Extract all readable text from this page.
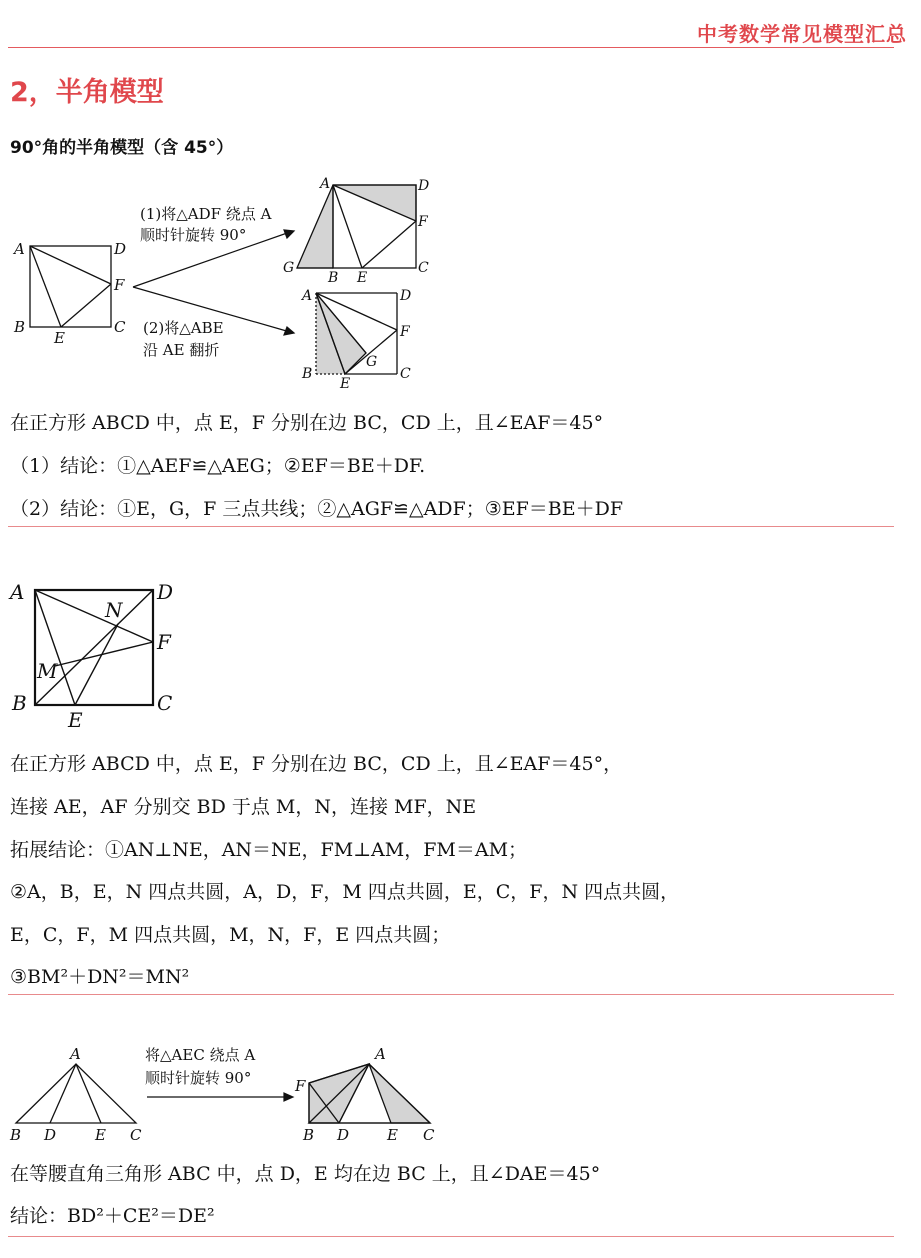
中考数学常见模型汇总
2，半角模型
90°角的半角模型（含 45°）
A	D
F
B	C
E
(1)将△ADF 绕点 A
顺时针旋转 90°
(2)将△ABE
沿 AE 翻折
A	D
F
G
B E
C
A	D
F
G
B
E
C
在正方形 ABCD 中，点 E，F 分别在边 BC，CD 上，且∠EAF＝45°
（1）结论：①△AEF≌△AEG；②EF＝BE＋DF.
（2）结论：①E，G，F 三点共线；②△AGF≌△ADF；③EF＝BE＋DF
A	D
N
F
M
B	C
E
在正方形 ABCD 中，点 E，F 分别在边 BC，CD 上，且∠EAF＝45°，
连接 AE，AF 分别交 BD 于点 M，N，连接 MF，NE
拓展结论：①AN⊥NE，AN＝NE，FM⊥AM，FM＝AM；
②A，B，E，N 四点共圆，A，D，F，M 四点共圆，E，C，F，N 四点共圆，
E，C，F，M 四点共圆，M，N，F，E 四点共圆；
③BM²＋DN²＝MN²
A
B D	E C
将△AEC 绕点 A
顺时针旋转 90°
A
F
B D	E C
在等腰直角三角形 ABC 中，点 D，E 均在边 BC 上，且∠DAE＝45°
结论：BD²＋CE²＝DE²
